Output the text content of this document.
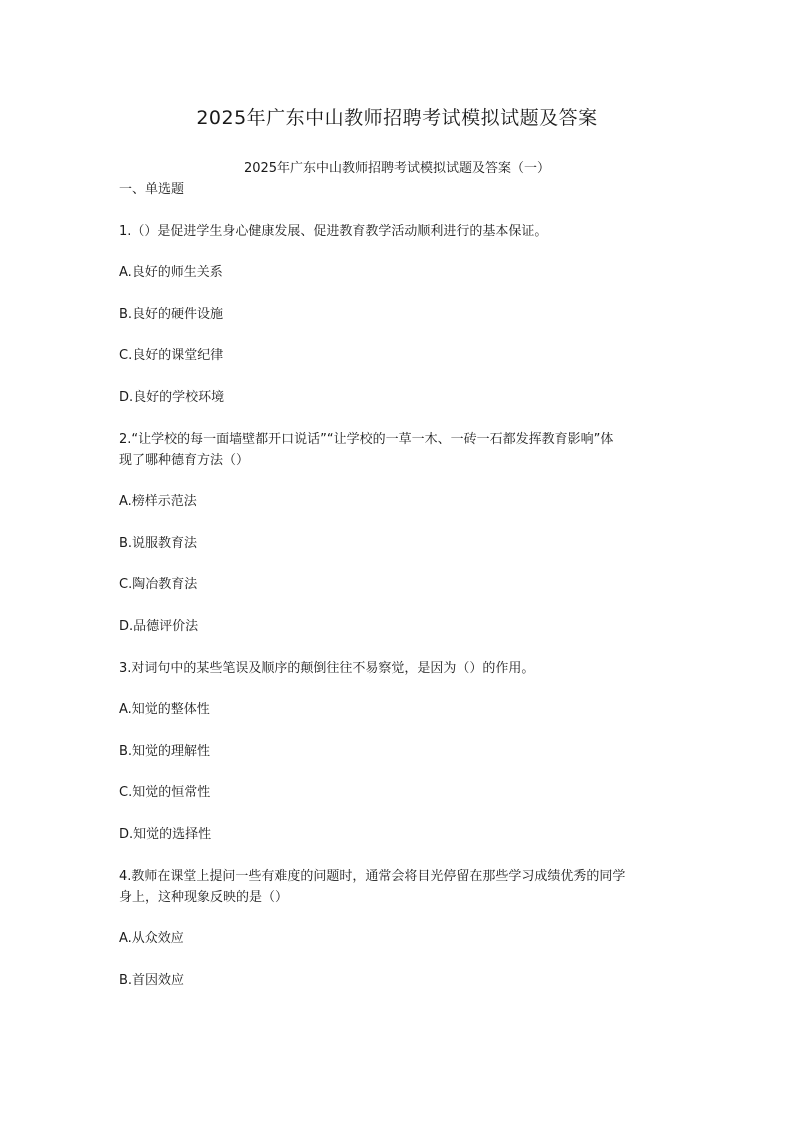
2025年广东中山教师招聘考试模拟试题及答案
2025年广东中山教师招聘考试模拟试题及答案（一）
一、单选题
1.（）是促进学生身心健康发展、促进教育教学活动顺利进行的基本保证。
A.良好的师生关系
B.良好的硬件设施
C.良好的课堂纪律
D.良好的学校环境
2.“让学校的每一面墙壁都开口说话”“让学校的一草一木、一砖一石都发挥教育影响”体
现了哪种德育方法（）
A.榜样示范法
B.说服教育法
C.陶冶教育法
D.品德评价法
3.对词句中的某些笔误及顺序的颠倒往往不易察觉，是因为（）的作用。
A.知觉的整体性
B.知觉的理解性
C.知觉的恒常性
D.知觉的选择性
4.教师在课堂上提问一些有难度的问题时，通常会将目光停留在那些学习成绩优秀的同学
身上，这种现象反映的是（）
A.从众效应
B.首因效应
